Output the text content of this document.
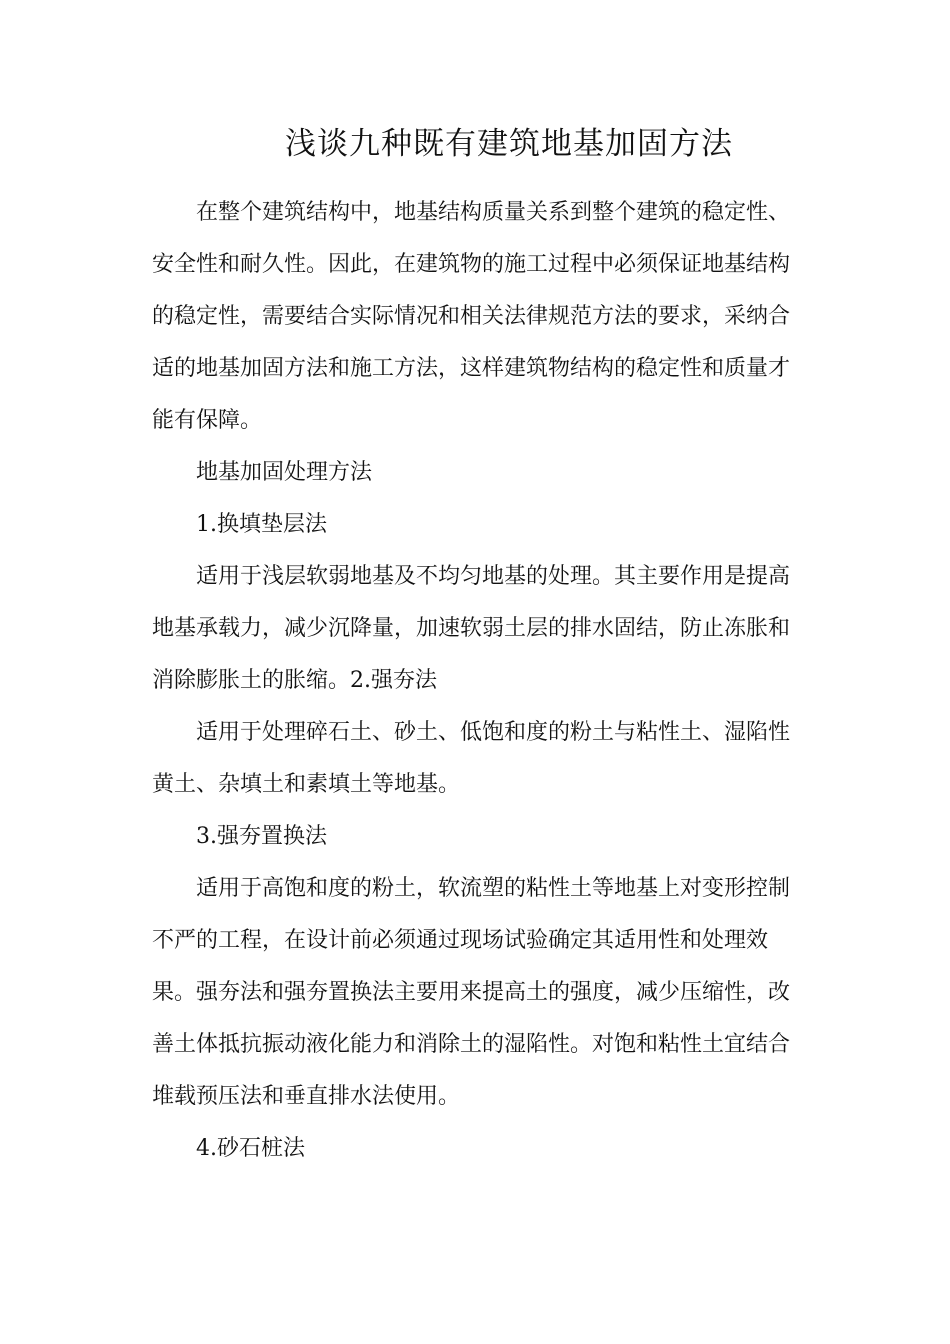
浅谈九种既有建筑地基加固方法
在整个建筑结构中，地基结构质量关系到整个建筑的稳定性、
安全性和耐久性。因此，在建筑物的施工过程中必须保证地基结构
的稳定性，需要结合实际情况和相关法律规范方法的要求，采纳合
适的地基加固方法和施工方法，这样建筑物结构的稳定性和质量才
能有保障。
地基加固处理方法
1.换填垫层法
适用于浅层软弱地基及不均匀地基的处理。其主要作用是提高
地基承载力，减少沉降量，加速软弱土层的排水固结，防止冻胀和
消除膨胀土的胀缩。2.强夯法
适用于处理碎石土、砂土、低饱和度的粉土与粘性土、湿陷性
黄土、杂填土和素填土等地基。
3.强夯置换法
适用于高饱和度的粉土，软流塑的粘性土等地基上对变形控制
不严的工程，在设计前必须通过现场试验确定其适用性和处理效
果。强夯法和强夯置换法主要用来提高土的强度，减少压缩性，改
善土体抵抗振动液化能力和消除土的湿陷性。对饱和粘性土宜结合
堆载预压法和垂直排水法使用。
4.砂石桩法
